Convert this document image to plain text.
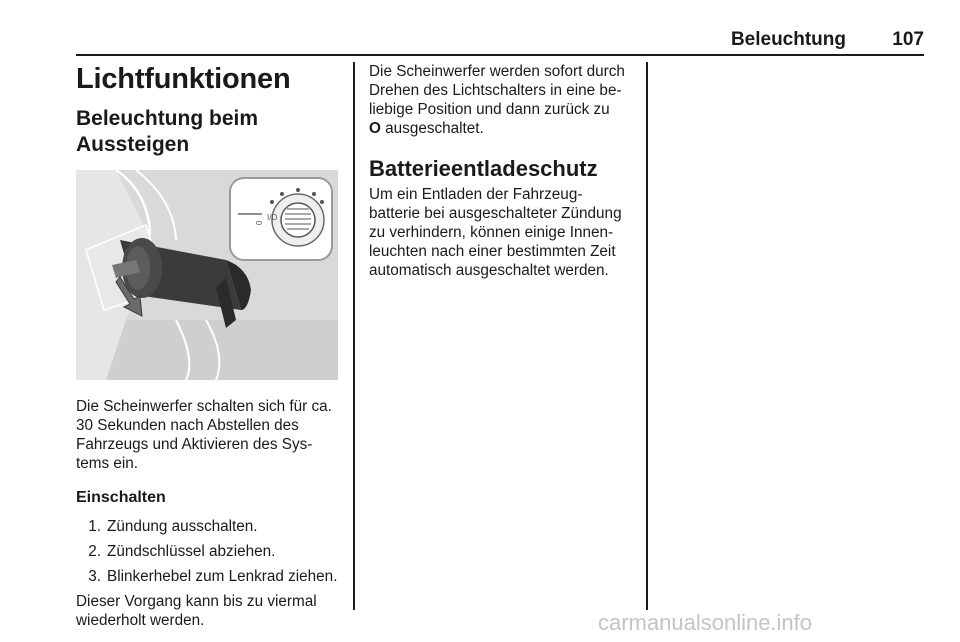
Beleuchtung	107
Lichtfunktionen
Beleuchtung beim Aussteigen
0
I/D

Die Scheinwerfer schalten sich für ca. 30 Sekunden nach Abstellen des Fahrzeugs und Aktivieren des Sys- tems ein.

Einschalten
1. Zündung ausschalten.
2. Zündschlüssel abziehen.
3. Blinkerhebel zum Lenkrad ziehen.

Dieser Vorgang kann bis zu viermal wiederholt werden.

Die Scheinwerfer werden sofort durch Drehen des Lichtschalters in eine be- liebige Position und dann zurück zu
O ausgeschaltet.

Batterieentladeschutz

Um ein Entladen der Fahrzeug- batterie bei ausgeschalteter Zündung zu verhindern, können einige Innen- leuchten nach einer bestimmten Zeit automatisch ausgeschaltet werden.

carmanualsonline.info
